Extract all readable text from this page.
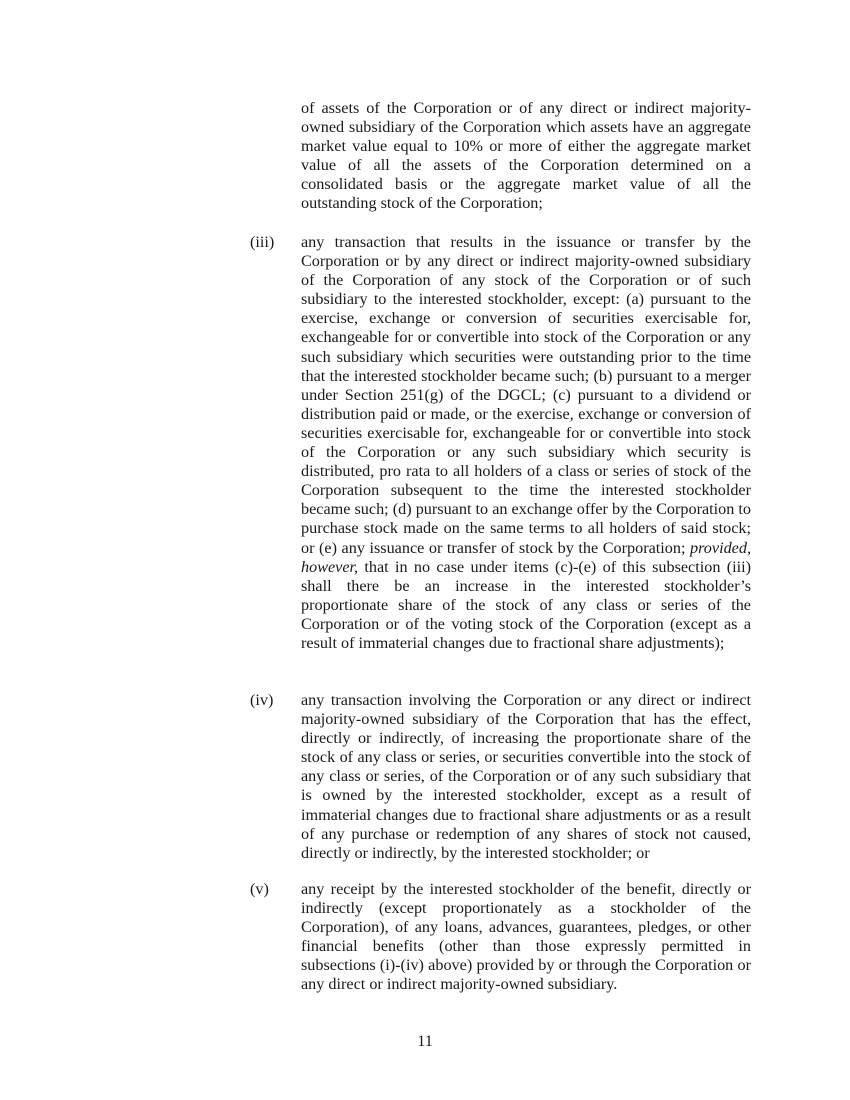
of assets of the Corporation or of any direct or indirect majority-owned subsidiary of the Corporation which assets have an aggregate market value equal to 10% or more of either the aggregate market value of all the assets of the Corporation determined on a consolidated basis or the aggregate market value of all the outstanding stock of the Corporation;

(iii) any transaction that results in the issuance or transfer by the Corporation or by any direct or indirect majority-owned subsidiary of the Corporation of any stock of the Corporation or of such subsidiary to the interested stockholder, except: (a) pursuant to the exercise, exchange or conversion of securities exercisable for, exchangeable for or convertible into stock of the Corporation or any such subsidiary which securities were outstanding prior to the time that the interested stockholder became such; (b) pursuant to a merger under Section 251(g) of the DGCL; (c) pursuant to a dividend or distribution paid or made, or the exercise, exchange or conversion of securities exercisable for, exchangeable for or convertible into stock of the Corporation or any such subsidiary which security is distributed, pro rata to all holders of a class or series of stock of the Corporation subsequent to the time the interested stockholder became such; (d) pursuant to an exchange offer by the Corporation to purchase stock made on the same terms to all holders of said stock; or (e) any issuance or transfer of stock by the Corporation; provided, however, that in no case under items (c)-(e) of this subsection (iii) shall there be an increase in the interested stockholder’s proportionate share of the stock of any class or series of the Corporation or of the voting stock of the Corporation (except as a result of immaterial changes due to fractional share adjustments);

(iv) any transaction involving the Corporation or any direct or indirect majority-owned subsidiary of the Corporation that has the effect, directly or indirectly, of increasing the proportionate share of the stock of any class or series, or securities convertible into the stock of any class or series, of the Corporation or of any such subsidiary that is owned by the interested stockholder, except as a result of immaterial changes due to fractional share adjustments or as a result of any purchase or redemption of any shares of stock not caused, directly or indirectly, by the interested stockholder; or

(v) any receipt by the interested stockholder of the benefit, directly or indirectly (except proportionately as a stockholder of the Corporation), of any loans, advances, guarantees, pledges, or other financial benefits (other than those expressly permitted in subsections (i)-(iv) above) provided by or through the Corporation or any direct or indirect majority-owned subsidiary.

11
